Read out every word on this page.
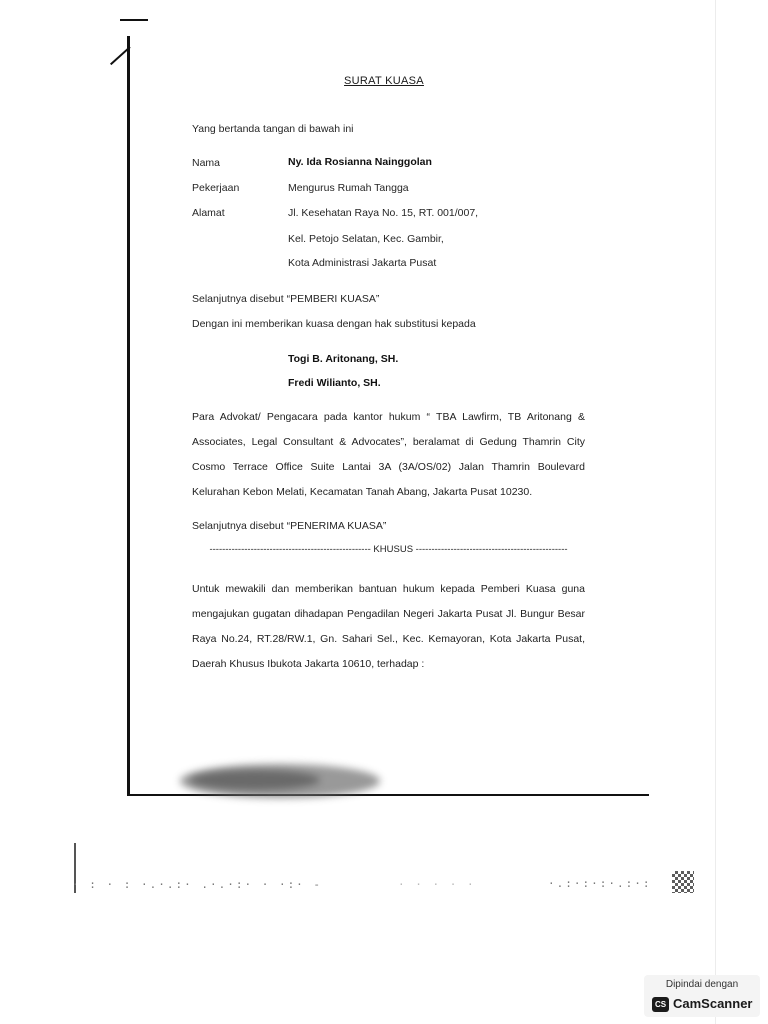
SURAT KUASA
Yang bertanda tangan di bawah ini
Nama
Pekerjaan
Alamat
Ny. Ida Rosianna Nainggolan
Mengurus Rumah Tangga
Jl. Kesehatan Raya No. 15, RT. 001/007,
Kel. Petojo Selatan, Kec. Gambir,
Kota Administrasi Jakarta Pusat
Selanjutnya disebut “PEMBERI KUASA”
Dengan ini memberikan kuasa dengan hak substitusi kepada
Togi B. Aritonang, SH.
Fredi Wilianto, SH.
Para Advokat/ Pengacara pada kantor hukum “ TBA Lawfirm, TB Aritonang &
Associates, Legal Consultant & Advocates”, beralamat di Gedung Thamrin City
Cosmo Terrace Office Suite Lantai 3A (3A/OS/02) Jalan Thamrin Boulevard
Kelurahan Kebon Melati, Kecamatan Tanah Abang, Jakarta Pusat 10230.
Selanjutnya disebut “PENERIMA KUASA”
--------------------------------------------------- KHUSUS ------------------------------------------------
Untuk mewakili dan memberikan bantuan hukum kepada Pemberi Kuasa guna
mengajukan gugatan dihadapan Pengadilan Negeri Jakarta Pusat Jl. Bungur Besar
Raya No.24, RT.28/RW.1, Gn. Sahari Sel., Kec. Kemayoran, Kota Jakarta Pusat,
Daerah Khusus Ibukota Jakarta 10610, terhadap :
· : · : ·.·.:· .·.·:· · ·:· -	· · · · ·	·.:·:·:·.:·:
Dipindai dengan
CS CamScanner
